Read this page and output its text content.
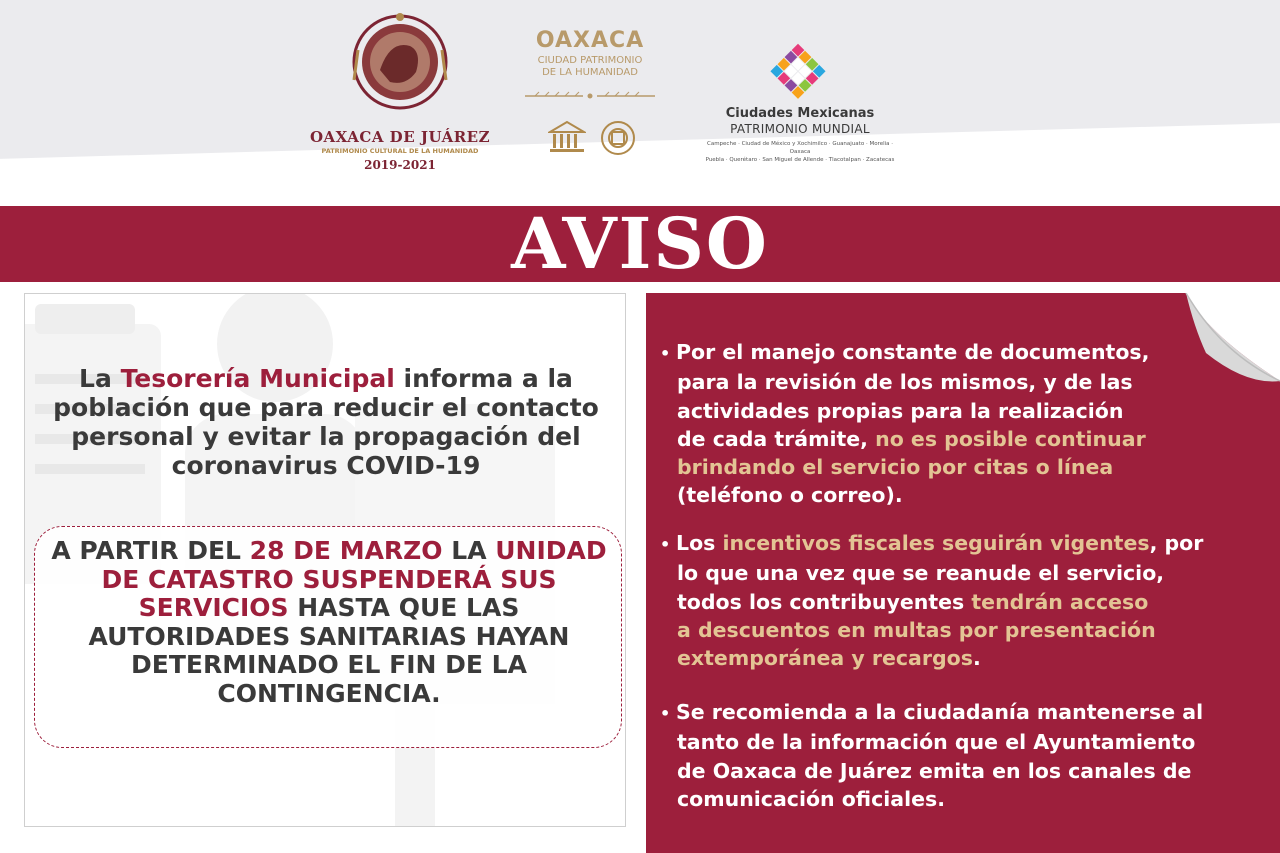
OAXACA DE JUÁREZ
PATRIMONIO CULTURAL DE LA HUMANIDAD
2019-2021
OAXACA
CIUDAD PATRIMONIO
DE LA HUMANIDAD
Ciudades Mexicanas
PATRIMONIO MUNDIAL
Campeche · Ciudad de México y Xochimilco · Guanajuato · Morelia · Oaxaca
Puebla · Querétaro · San Miguel de Allende · Tlacotalpan · Zacatecas
AVISO
La Tesorería Municipal informa a la población que para reducir el contacto personal y evitar la propagación del coronavirus COVID-19
A PARTIR DEL 28 DE MARZO LA UNIDAD DE CATASTRO SUSPENDERÁ SUS SERVICIOS HASTA QUE LAS AUTORIDADES SANITARIAS HAYAN DETERMINADO EL FIN DE LA CONTINGENCIA.
• Por el manejo constante de documentos,
para la revisión de los mismos, y de las
actividades propias para la realización
de cada trámite, no es posible continuar
brindando el servicio por citas o línea
(teléfono o correo).
• Los incentivos fiscales seguirán vigentes, por
lo que una vez que se reanude el servicio,
todos los contribuyentes tendrán acceso
a descuentos en multas por presentación
extemporánea y recargos.
• Se recomienda a la ciudadanía mantenerse al
tanto de la información que el Ayuntamiento
de Oaxaca de Juárez emita en los canales de
comunicación oficiales.
